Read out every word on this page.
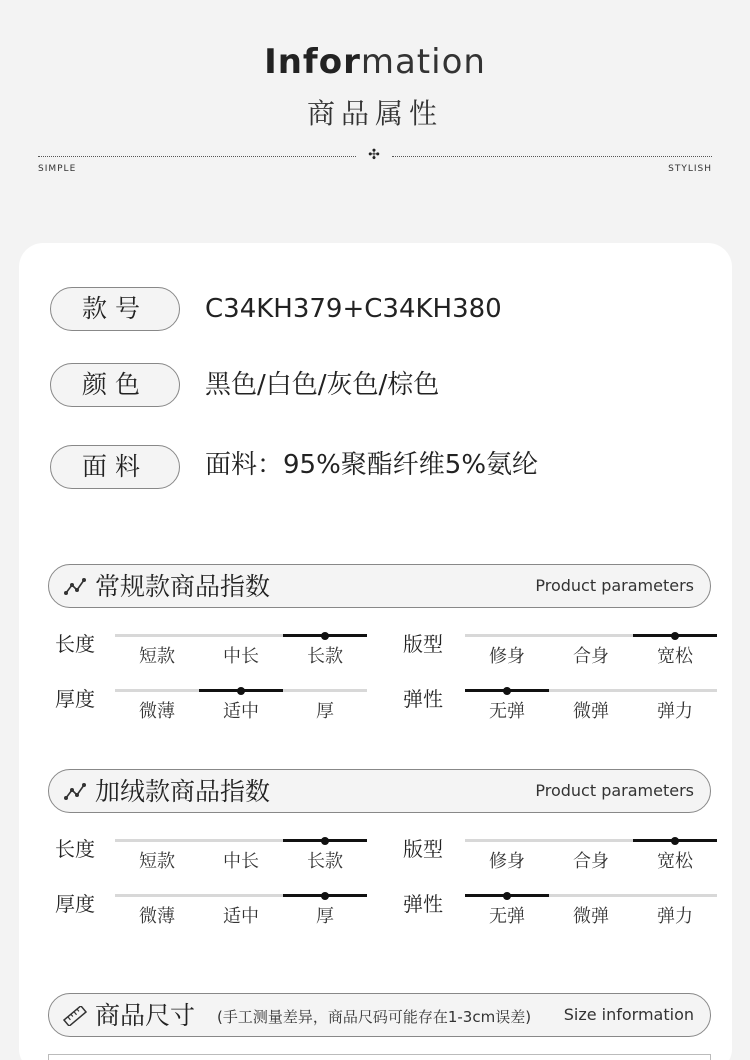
Information
商品属性
✣
SIMPLE	STYLISH
款号	C34KH379+C34KH380
颜色	黑色/白色/灰色/棕色
面料	面料：95%聚酯纤维5%氨纶
常规款商品指数	Product parameters
加绒款商品指数	Product parameters
长度
短款	中长	长款
版型
修身	合身	宽松
厚度
微薄	适中	厚
弹性
无弹	微弹	弹力
长度
短款	中长	长款
版型
修身	合身	宽松
厚度
微薄	适中	厚
弹性
无弹	微弹	弹力
商品尺寸 (手工测量差异，商品尺码可能存在1-3cm误差) Size information
